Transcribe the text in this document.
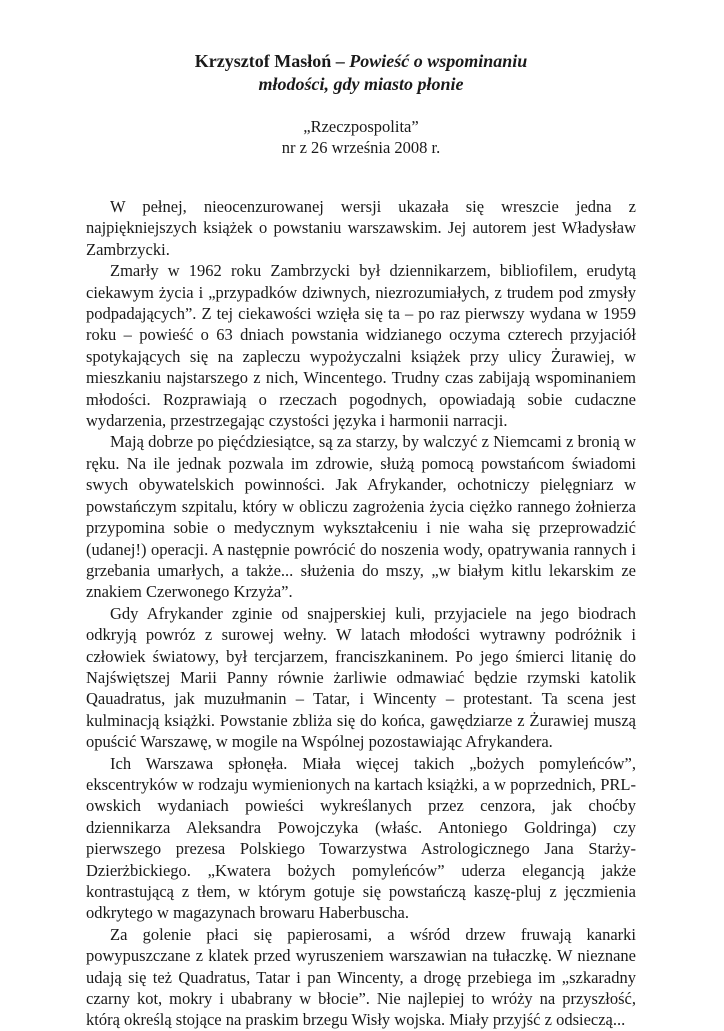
Krzysztof Masłoń – Powieść o wspominaniu
młodości, gdy miasto płonie
„Rzeczpospolita”
nr z 26 września 2008 r.

W pełnej, nieocenzurowanej wersji ukazała się wreszcie jedna z najpiękniejszych książek o powstaniu warszawskim. Jej autorem jest Władysław Zambrzycki.

Zmarły w 1962 roku Zambrzycki był dziennikarzem, bibliofilem, erudytą ciekawym życia i „przypadków dziwnych, niezrozumiałych, z trudem pod zmysły podpadających”. Z tej ciekawości wzięła się ta – po raz pierwszy wydana w 1959 roku – powieść o 63 dniach powstania widzianego oczyma czterech przyjaciół spotykających się na zapleczu wypożyczalni książek przy ulicy Żurawiej, w mieszkaniu najstarszego z nich, Wincentego. Trudny czas zabijają wspominaniem młodości. Rozprawiają o rzeczach pogodnych, opowiadają sobie cudaczne wydarzenia, przestrzegając czystości języka i harmonii narracji.

Mają dobrze po pięćdziesiątce, są za starzy, by walczyć z Niemcami z bronią w ręku. Na ile jednak pozwala im zdrowie, służą pomocą powstańcom świadomi swych obywatelskich powinności. Jak Afrykander, ochotniczy pielęgniarz w powstańczym szpitalu, który w obliczu zagrożenia życia ciężko rannego żołnierza przypomina sobie o medycznym wykształceniu i nie waha się przeprowadzić (udanej!) operacji. A następnie powrócić do noszenia wody, opatrywania rannych i grzebania umarłych, a także... służenia do mszy, „w białym kitlu lekarskim ze znakiem Czerwonego Krzyża”.

Gdy Afrykander zginie od snajperskiej kuli, przyjaciele na jego biodrach odkryją powróz z surowej wełny. W latach młodości wytrawny podróżnik i człowiek światowy, był tercjarzem, franciszkaninem. Po jego śmierci litanię do Najświętszej Marii Panny równie żarliwie odmawiać będzie rzymski katolik Qauadratus, jak muzułmanin – Tatar, i Wincenty – protestant. Ta scena jest kulminacją książki. Powstanie zbliża się do końca, gawędziarze z Żurawiej muszą opuścić Warszawę, w mogile na Wspólnej pozostawiając Afrykandera.

Ich Warszawa spłonęła. Miała więcej takich „bożych pomyleńców”, ekscentryków w rodzaju wymienionych na kartach książki, a w poprzednich, PRL-owskich wydaniach powieści wykreślanych przez cenzora, jak choćby dziennikarza Aleksandra Powojczyka (właśc. Antoniego Goldringa) czy pierwszego prezesa Polskiego Towarzystwa Astrologicznego Jana Starży-Dzierżbickiego. „Kwatera bożych pomyleńców” uderza elegancją jakże kontrastującą z tłem, w którym gotuje się powstańczą kaszę-pluj z jęczmienia odkrytego w magazynach browaru Haberbuscha.

Za golenie płaci się papierosami, a wśród drzew fruwają kanarki powypuszczane z klatek przed wyruszeniem warszawian na tułaczkę. W nieznane udają się też Quadratus, Tatar i pan Wincenty, a drogę przebiega im „szkaradny czarny kot, mokry i ubabrany w błocie”. Nie najlepiej to wróży na przyszłość, którą określą stojące na praskim brzegu Wisły wojska. Miały przyjść z odsieczą...
